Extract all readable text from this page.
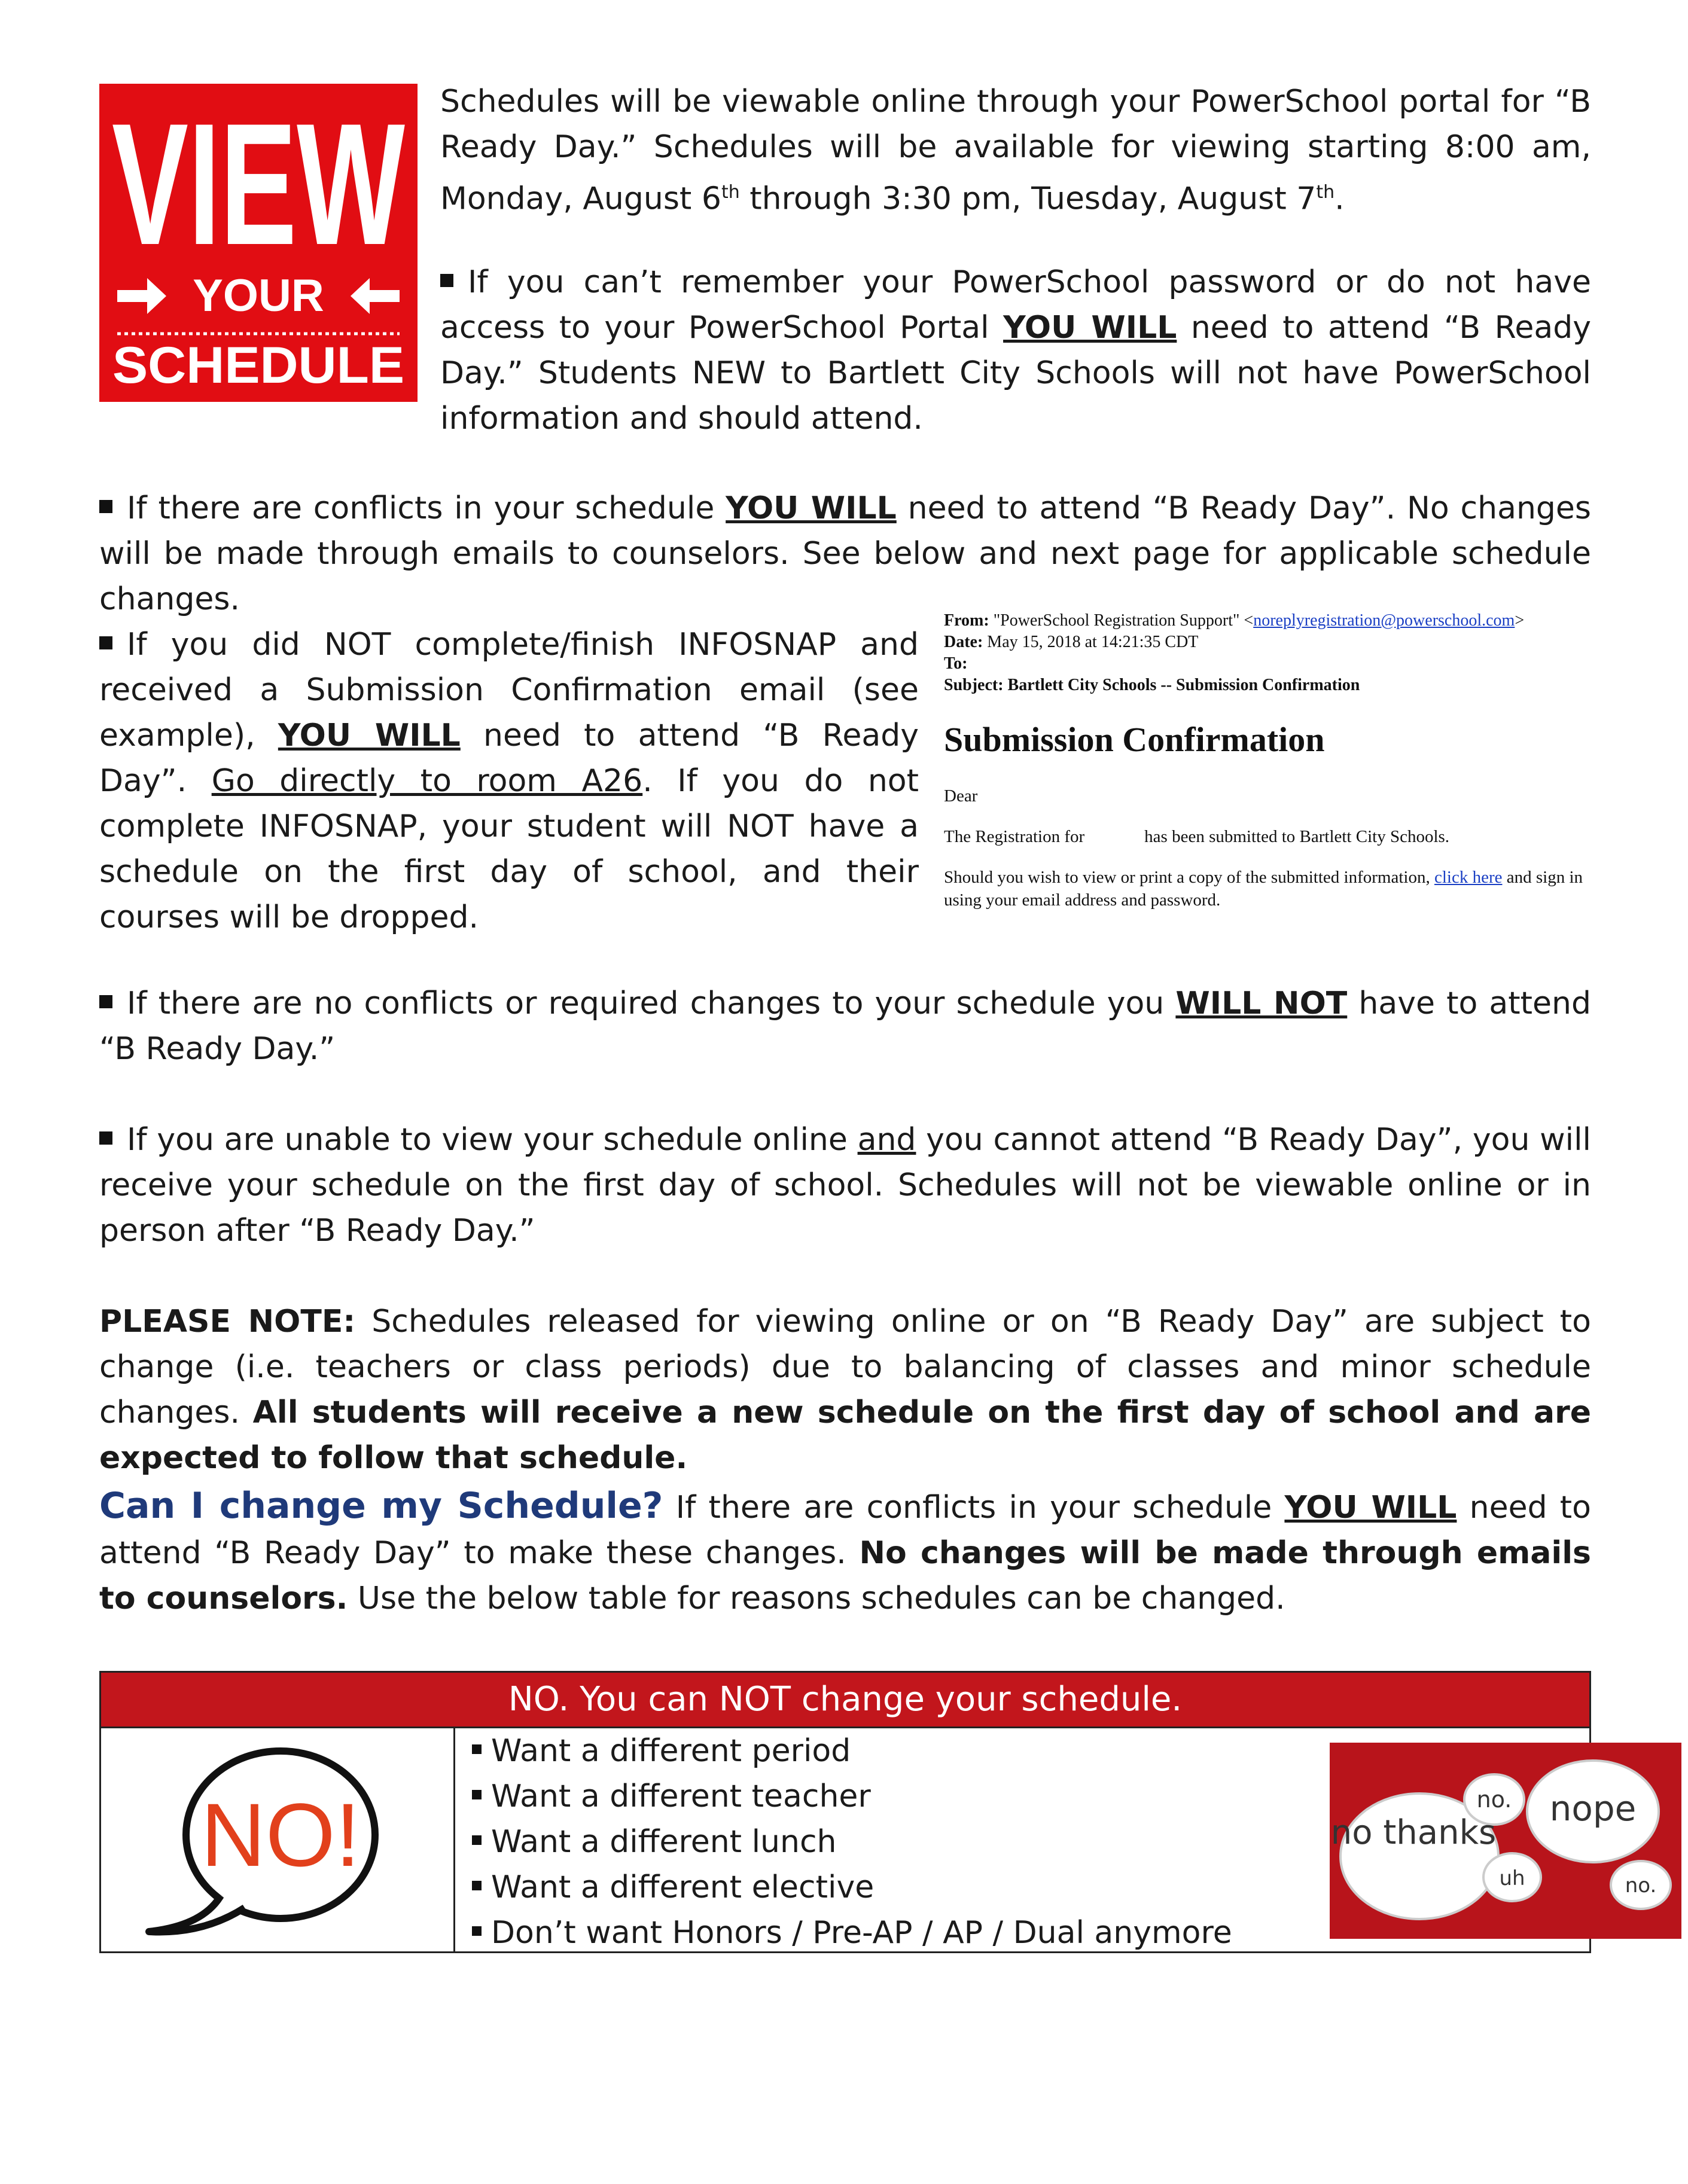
VIEW
YOUR
SCHEDULE

Schedules will be viewable online through your PowerSchool portal for “B Ready Day.” Schedules will be available for viewing starting 8:00 am, Monday, August 6th through 3:30 pm, Tuesday, August 7th.

If you can’t remember your PowerSchool password or do not have access to your PowerSchool Portal YOU WILL need to attend “B Ready Day.” Students NEW to Bartlett City Schools will not have PowerSchool information and should attend.

If there are conflicts in your schedule YOU WILL need to attend “B Ready Day”. No changes will be made through emails to counselors. See below and next page for applicable schedule changes.

If you did NOT complete/finish INFOSNAP and received a Submission Confirmation email (see example), YOU WILL need to attend “B Ready Day”. Go directly to room A26. If you do not complete INFOSNAP, your student will NOT have a schedule on the first day of school, and their courses will be dropped.

From: "PowerSchool Registration Support" <noreplyregistration@powerschool.com>
Date: May 15, 2018 at 14:21:35 CDT
To:
Subject: Bartlett City Schools -- Submission Confirmation
Submission Confirmation
Dear
The Registration for	has been submitted to Bartlett City Schools.
Should you wish to view or print a copy of the submitted information, click here and sign in using your email address and password.

If there are no conflicts or required changes to your schedule you WILL NOT have to attend “B Ready Day.”

If you are unable to view your schedule online and you cannot attend “B Ready Day”, you will receive your schedule on the first day of school. Schedules will not be viewable online or in person after “B Ready Day.”

PLEASE NOTE: Schedules released for viewing online or on “B Ready Day” are subject to change (i.e. teachers or class periods) due to balancing of classes and minor schedule changes. All students will receive a new schedule on the first day of school and are expected to follow that schedule.

Can I change my Schedule? If there are conflicts in your schedule YOU WILL need to attend “B Ready Day” to make these changes. No changes will be made through emails to counselors. Use the below table for reasons schedules can be changed.

NO. You can NOT change your schedule.
NO!
Want a different period
Want a different teacher
Want a different lunch
Want a different elective
Don’t want Honors / Pre-AP / AP / Dual anymore
no thanks
no. nope
uh	no.
